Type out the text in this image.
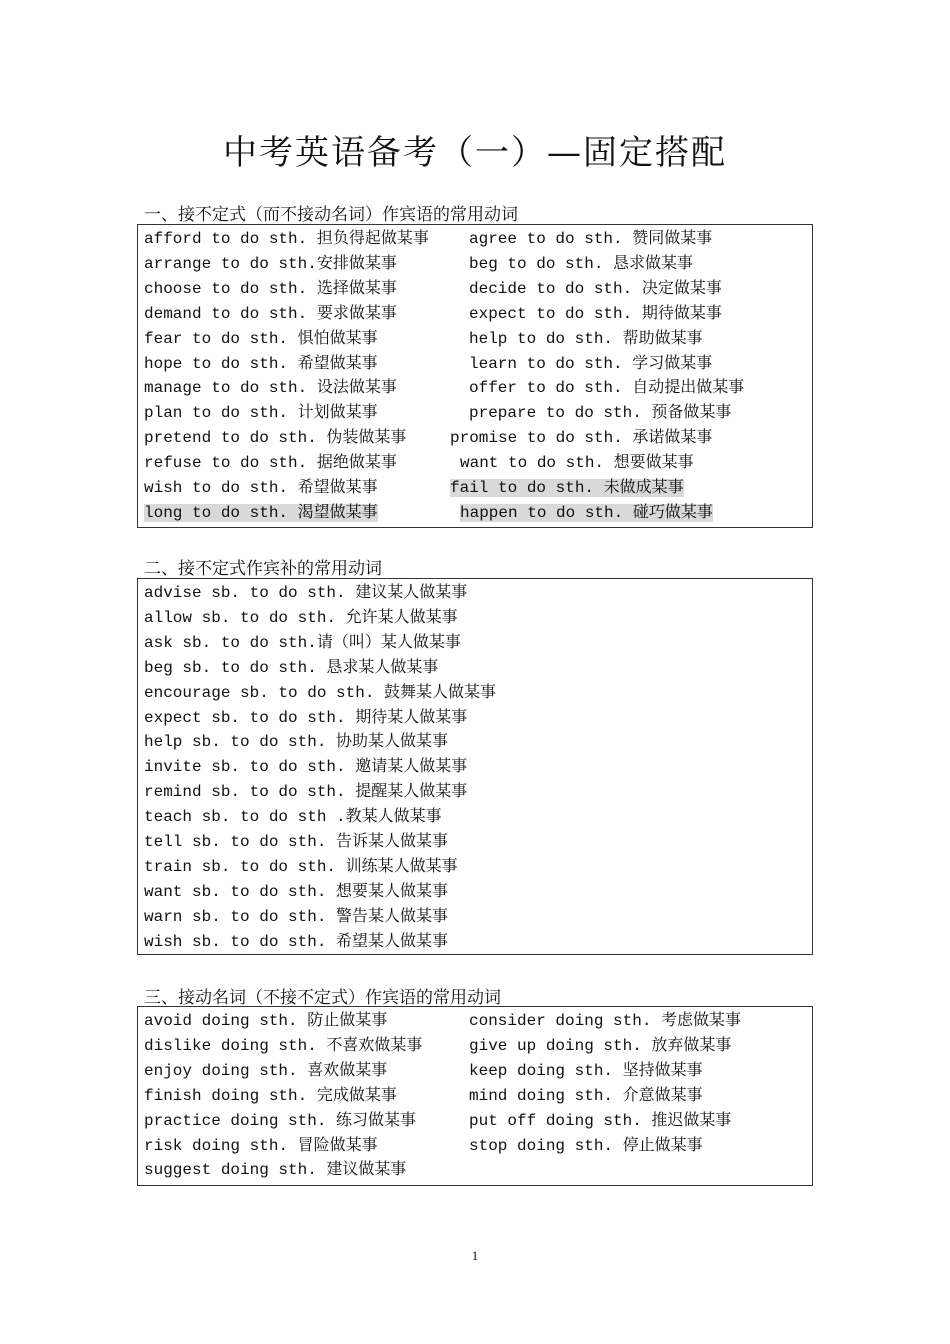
中考英语备考（一）—固定搭配
一、接不定式（而不接动名词）作宾语的常用动词
afford to do sth. 担负得起做某事
arrange to do sth.安排做某事
choose to do sth. 选择做某事
demand to do sth. 要求做某事
fear to do sth. 惧怕做某事
hope to do sth. 希望做某事
manage to do sth. 设法做某事
plan to do sth. 计划做某事
pretend to do sth. 伪装做某事
refuse to do sth. 据绝做某事
wish to do sth. 希望做某事
long to do sth. 渴望做某事
agree to do sth. 赞同做某事
beg to do sth. 恳求做某事
decide to do sth. 决定做某事
expect to do sth. 期待做某事
help to do sth. 帮助做某事
learn to do sth. 学习做某事
offer to do sth. 自动提出做某事
prepare to do sth. 预备做某事
promise to do sth. 承诺做某事
want to do sth. 想要做某事
fail to do sth. 未做成某事
happen to do sth. 碰巧做某事
二、接不定式作宾补的常用动词
advise sb. to do sth. 建议某人做某事
allow sb. to do sth. 允许某人做某事
ask sb. to do sth.请（叫）某人做某事
beg sb. to do sth. 恳求某人做某事
encourage sb. to do sth. 鼓舞某人做某事
expect sb. to do sth. 期待某人做某事
help sb. to do sth. 协助某人做某事
invite sb. to do sth. 邀请某人做某事
remind sb. to do sth. 提醒某人做某事
teach sb. to do sth .教某人做某事
tell sb. to do sth. 告诉某人做某事
train sb. to do sth. 训练某人做某事
want sb. to do sth. 想要某人做某事
warn sb. to do sth. 警告某人做某事
wish sb. to do sth. 希望某人做某事
三、接动名词（不接不定式）作宾语的常用动词
avoid doing sth. 防止做某事
dislike doing sth. 不喜欢做某事
enjoy doing sth. 喜欢做某事
finish doing sth. 完成做某事
practice doing sth. 练习做某事
risk doing sth. 冒险做某事
suggest doing sth. 建议做某事
consider doing sth. 考虑做某事
give up doing sth. 放弃做某事
keep doing sth. 坚持做某事
mind doing sth. 介意做某事
put off doing sth. 推迟做某事
stop doing sth. 停止做某事
1
